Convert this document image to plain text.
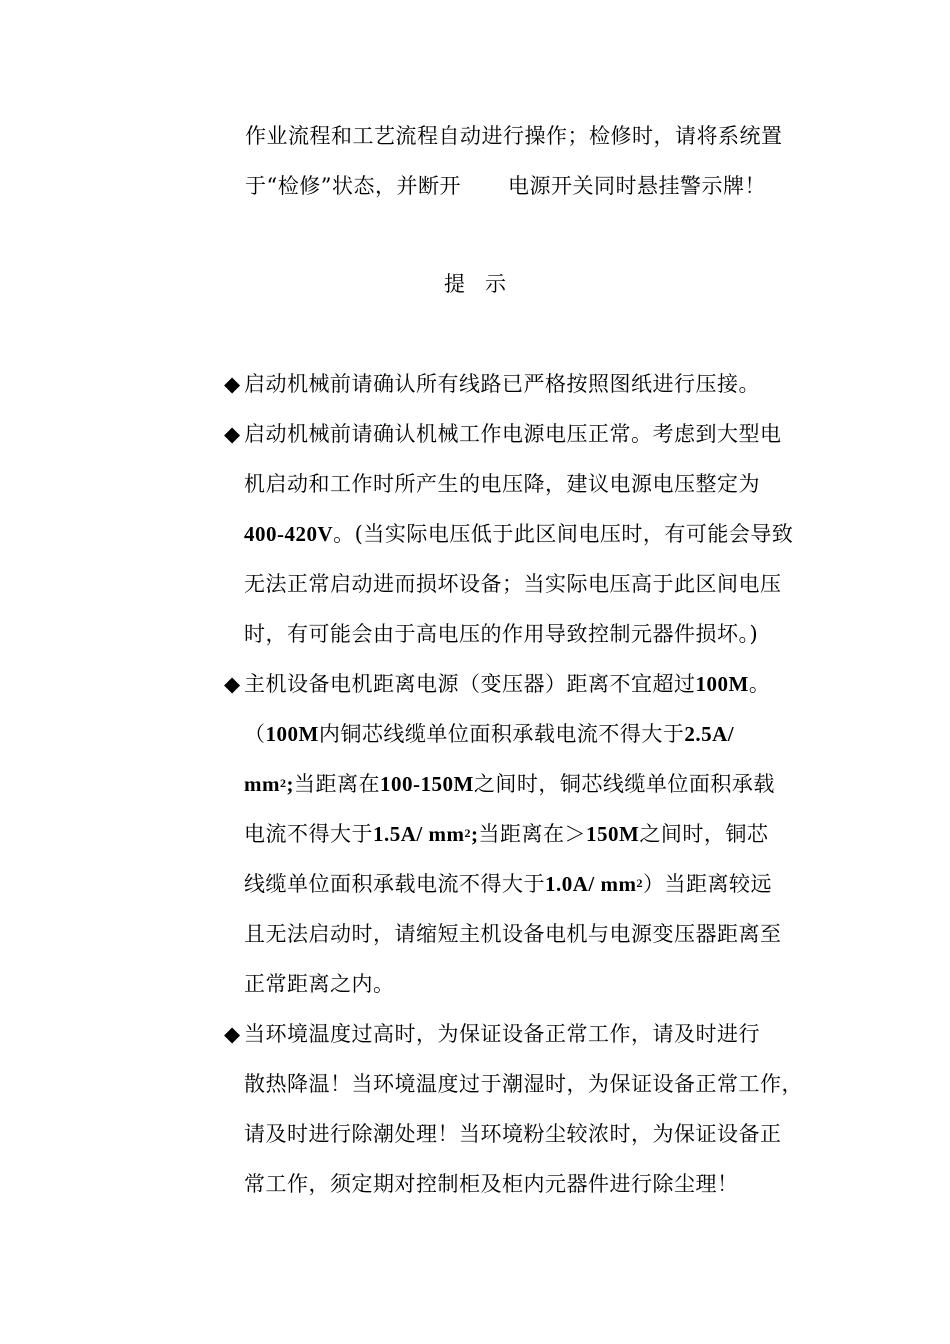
作业流程和工艺流程自动进行操作；检修时，请将系统置
于“检修”状态，并断开 电源开关同时悬挂警示牌！
提示
◆ 启动机械前请确认所有线路已严格按照图纸进行压接。
◆ 启动机械前请确认机械工作电源电压正常。考虑到大型电
机启动和工作时所产生的电压降，建议电源电压整定为
400-420V。(当实际电压低于此区间电压时，有可能会导致
无法正常启动进而损坏设备；当实际电压高于此区间电压
时，有可能会由于高电压的作用导致控制元器件损坏。)
◆ 主机设备电机距离电源（变压器）距离不宜超过100M。
（100M内铜芯线缆单位面积承载电流不得大于2.5A/
$mm^2$;当距离在100-150M之间时，铜芯线缆单位面积承载
电流不得大于1.5A/ $mm^2$;当距离在＞150M之间时，铜芯
线缆单位面积承载电流不得大于1.0A/ $mm^2$）当距离较远
且无法启动时，请缩短主机设备电机与电源变压器距离至
正常距离之内。
◆ 当环境温度过高时，为保证设备正常工作，请及时进行
散热降温！当环境温度过于潮湿时，为保证设备正常工作，
请及时进行除潮处理！当环境粉尘较浓时，为保证设备正
常工作，须定期对控制柜及柜内元器件进行除尘理！
